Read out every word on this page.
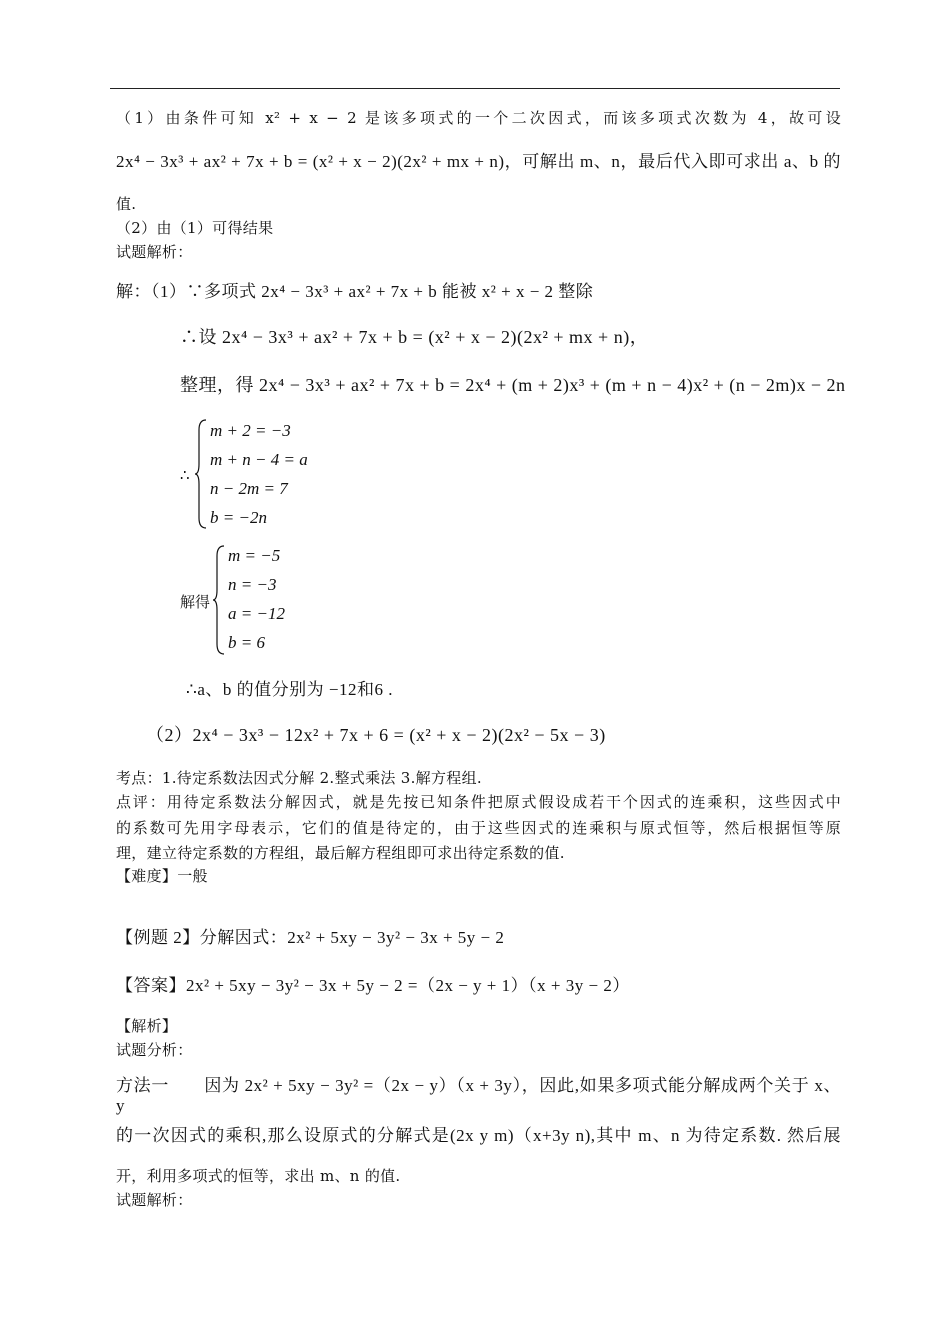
（1）由条件可知 x² + x − 2 是该多项式的一个二次因式，而该多项式次数为 4，故可设
2x⁴ − 3x³ + ax² + 7x + b = (x² + x − 2)(2x² + mx + n)，可解出 m、n，最后代入即可求出 a、b 的
值.
（2）由（1）可得结果
试题解析：
解：（1）∵多项式 2x⁴ − 3x³ + ax² + 7x + b 能被 x² + x − 2 整除
∴设 2x⁴ − 3x³ + ax² + 7x + b = (x² + x − 2)(2x² + mx + n)，
整理，得 2x⁴ − 3x³ + ax² + 7x + b = 2x⁴ + (m + 2)x³ + (m + n − 4)x² + (n − 2m)x − 2n
∴
m + 2 = −3
m + n − 4 = a
n − 2m = 7
b = −2n
解得
m = −5
n = −3
a = −12
b = 6
∴a、b 的值分别为 −12和6 .
（2）2x⁴ − 3x³ − 12x² + 7x + 6 = (x² + x − 2)(2x² − 5x − 3)
考点：1.待定系数法因式分解 2.整式乘法 3.解方程组.
点评：用待定系数法分解因式，就是先按已知条件把原式假设成若干个因式的连乘积，这些因式中
的系数可先用字母表示，它们的值是待定的，由于这些因式的连乘积与原式恒等，然后根据恒等原
理，建立待定系数的方程组，最后解方程组即可求出待定系数的值.
【难度】一般
【例题 2】分解因式：2x² + 5xy − 3y² − 3x + 5y − 2
【答案】2x² + 5xy − 3y² − 3x + 5y − 2 =（2x − y + 1）（x + 3y − 2）
【解析】
试题分析：
方法一　　因为 2x² + 5xy − 3y² =（2x − y）（x + 3y），因此,如果多项式能分解成两个关于 x、y
的一次因式的乘积,那么设原式的分解式是(2x y m)（x+3y n),其中 m、n 为待定系数. 然后展
开，利用多项式的恒等，求出 m、n 的值.
试题解析：
